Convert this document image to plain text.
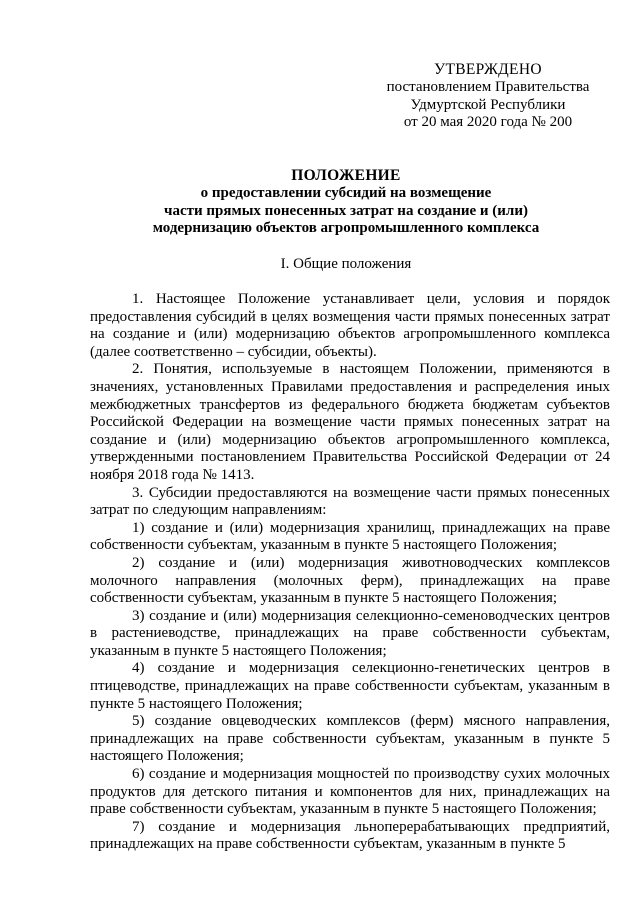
УТВЕРЖДЕНО
постановлением Правительства
Удмуртской Республики
от 20 мая 2020 года № 200
ПОЛОЖЕНИЕ
о предоставлении субсидий на возмещение
части прямых понесенных затрат на создание и (или)
модернизацию объектов агропромышленного комплекса
I. Общие положения

1. Настоящее Положение устанавливает цели, условия и порядок предоставления субсидий в целях возмещения части прямых понесенных затрат на создание и (или) модернизацию объектов агропромышленного комплекса (далее соответственно – субсидии, объекты).

2. Понятия, используемые в настоящем Положении, применяются в значениях, установленных Правилами предоставления и распределения иных межбюджетных трансфертов из федерального бюджета бюджетам субъектов Российской Федерации на возмещение части прямых понесенных затрат на создание и (или) модернизацию объектов агропромышленного комплекса, утвержденными постановлением Правительства Российской Федерации от 24 ноября 2018 года № 1413.

3. Субсидии предоставляются на возмещение части прямых понесенных затрат по следующим направлениям:

1) создание и (или) модернизация хранилищ, принадлежащих на праве собственности субъектам, указанным в пункте 5 настоящего Положения;

2) создание и (или) модернизация животноводческих комплексов молочного направления (молочных ферм), принадлежащих на праве собственности субъектам, указанным в пункте 5 настоящего Положения;

3) создание и (или) модернизация селекционно-семеноводческих центров в растениеводстве, принадлежащих на праве собственности субъектам, указанным в пункте 5 настоящего Положения;

4) создание и модернизация селекционно-генетических центров в птицеводстве, принадлежащих на праве собственности субъектам, указанным в пункте 5 настоящего Положения;

5) создание овцеводческих комплексов (ферм) мясного направления, принадлежащих на праве собственности субъектам, указанным в пункте 5 настоящего Положения;

6) создание и модернизация мощностей по производству сухих молочных продуктов для детского питания и компонентов для них, принадлежащих на праве собственности субъектам, указанным в пункте 5 настоящего Положения;

7) создание и модернизация льноперерабатывающих предприятий, принадлежащих на праве собственности субъектам, указанным в пункте 5
